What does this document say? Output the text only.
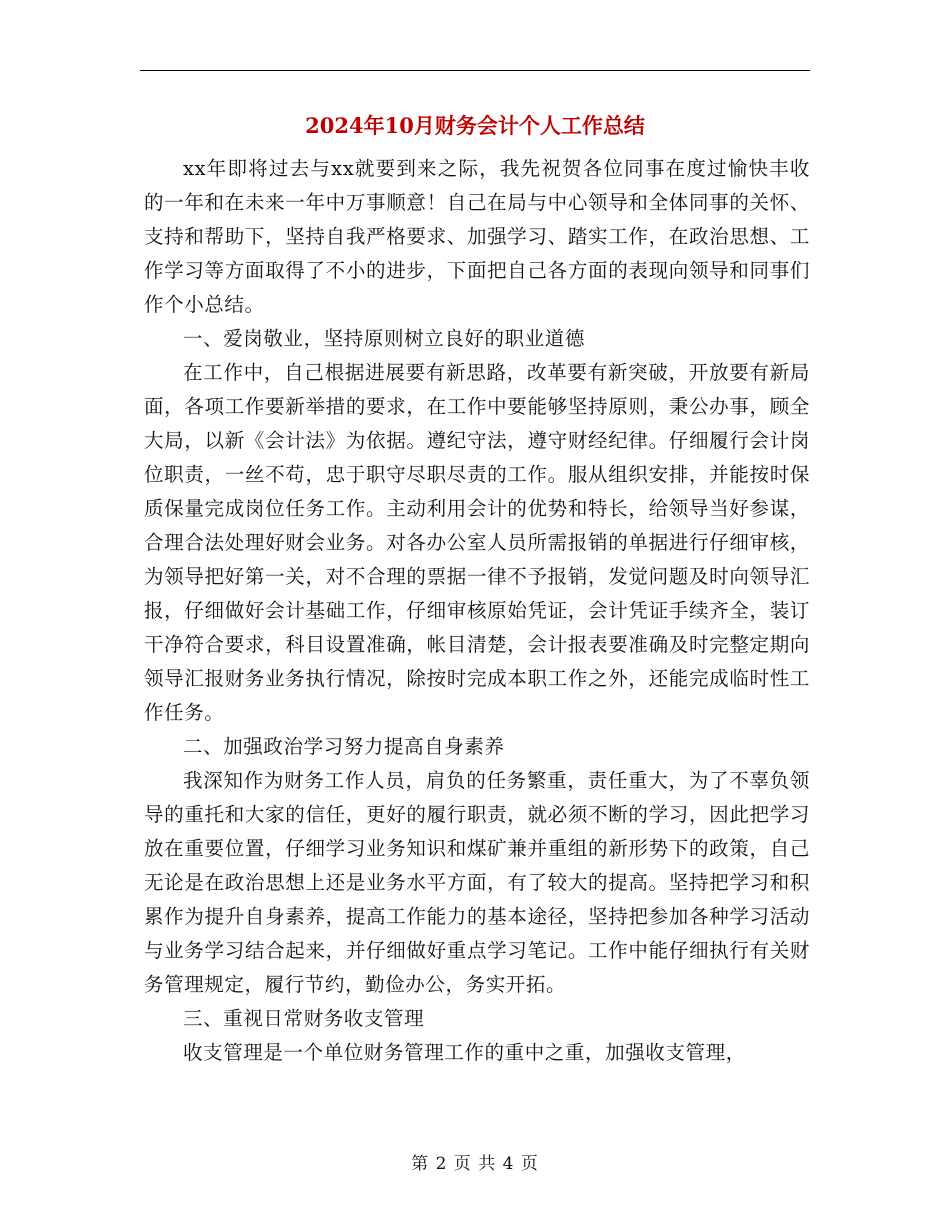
2024年10月财务会计个人工作总结

xx年即将过去与xx就要到来之际，我先祝贺各位同事在度过愉快丰收的一年和在未来一年中万事顺意！自己在局与中心领导和全体同事的关怀、支持和帮助下，坚持自我严格要求、加强学习、踏实工作，在政治思想、工作学习等方面取得了不小的进步，下面把自己各方面的表现向领导和同事们作个小总结。

一、爱岗敬业，坚持原则树立良好的职业道德

在工作中，自己根据进展要有新思路，改革要有新突破，开放要有新局面，各项工作要新举措的要求，在工作中要能够坚持原则，秉公办事，顾全大局，以新《会计法》为依据。遵纪守法，遵守财经纪律。仔细履行会计岗位职责，一丝不苟，忠于职守尽职尽责的工作。服从组织安排，并能按时保质保量完成岗位任务工作。主动利用会计的优势和特长，给领导当好参谋，合理合法处理好财会业务。对各办公室人员所需报销的单据进行仔细审核，为领导把好第一关，对不合理的票据一律不予报销，发觉问题及时向领导汇报，仔细做好会计基础工作，仔细审核原始凭证，会计凭证手续齐全，装订干净符合要求，科目设置准确，帐目清楚，会计报表要准确及时完整定期向领导汇报财务业务执行情况，除按时完成本职工作之外，还能完成临时性工作任务。

二、加强政治学习努力提高自身素养

我深知作为财务工作人员，肩负的任务繁重，责任重大，为了不辜负领导的重托和大家的信任，更好的履行职责，就必须不断的学习，因此把学习放在重要位置，仔细学习业务知识和煤矿兼并重组的新形势下的政策，自己无论是在政治思想上还是业务水平方面，有了较大的提高。坚持把学习和积累作为提升自身素养，提高工作能力的基本途径，坚持把参加各种学习活动与业务学习结合起来，并仔细做好重点学习笔记。工作中能仔细执行有关财务管理规定，履行节约，勤俭办公，务实开拓。

三、重视日常财务收支管理

收支管理是一个单位财务管理工作的重中之重，加强收支管理，

第 2 页 共 4 页
